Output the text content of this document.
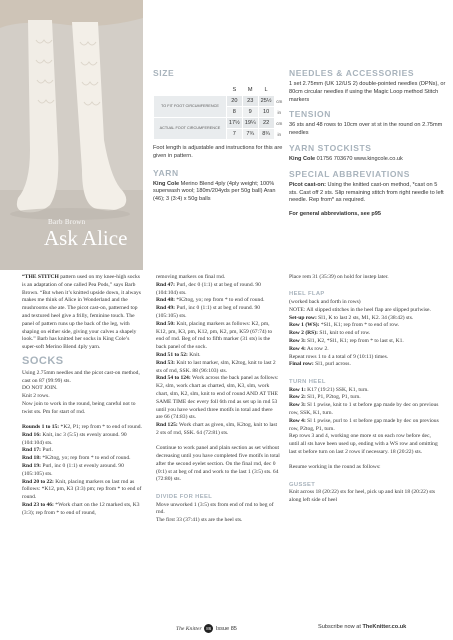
Barb Brown
Ask Alice
SIZE
	S	M	L	
TO FIT FOOT CIRCUMFERENCE	20	23	25½	cm
	8	9	10	in
ACTUAL FOOT CIRCUMFERENCE	17½	19¼	22	cm
	7	7¾	8¾	in

Foot length is adjustable and instructions for this are given in pattern.

YARN

King Cole Merino Blend 4ply (4ply weight; 100% superwash wool; 180m/204yds per 50g ball) Aran (46); 3 (3:4) x 50g balls

NEEDLES & ACCESSORIES

1 set 2.75mm (UK 12/US 2) double-pointed needles (DPNs), or 80cm circular needles if using the Magic Loop method Stitch markers

TENSION

36 sts and 48 rows to 10cm over st st in the round on 2.75mm needles

YARN STOCKISTS

King Cole 01756 703670 www.kingcole.co.uk

SPECIAL ABBREVIATIONS

Picot cast-on: Using the knitted cast-on method, *cast on 5 sts. Cast off 2 sts. Slip remaining stitch from right needle to left needle. Rep from* as required.

For general abbreviations, see p95

“THE STITCH pattern used on my knee-high socks is an adaptation of one called Pea Pods,” says Barb Brown. “But when it’s knitted upside down, it always makes me think of Alice in Wonderland and the mushrooms she ate. The picot cast-on, patterned top and textured heel give a frilly, feminine touch. The panel of pattern runs up the back of the leg, with shaping on either side, giving your calves a shapely look.” Barb has knitted her socks in King Cole’s super-soft Merino Blend 4ply yarn.

SOCKS

Using 2.75mm needles and the picot cast-on method, cast on 87 (99:99) sts.

DO NOT JOIN.

Knit 2 rows.

Now join to work in the round, being careful not to twist sts. Pm for start of rnd.

Rounds 1 to 15: *K2, P1; rep from * to end of round.

Rnd 16: Knit, inc 3 (5:5) sts evenly around. 90 (104:104) sts.

Rnd 17: Purl.

Rnd 18: *K2tog, yo; rep from * to end of round.

Rnd 19: Purl, inc 0 (1:1) st evenly around. 90 (105:105) sts.

Rnd 20 to 22: Knit, placing markers on last rnd as follows: *K12, pm, K3 (3:3) pm; rep from * to end of round.

Rnd 23 to 46: *Work chart on the 12 marked sts, K3 (3:3); rep from * to end of round,

removing markers on final rnd.

Rnd 47: Purl, dec 0 (1:1) st at beg of round. 90 (104:104) sts.

Rnd 48: *K2tog, yo; rep from * to end of round.

Rnd 49: Purl, inc 0 (1:1) st at beg of round. 90 (105:105) sts.

Rnd 50: Knit, placing markers as follows: K2, pm, K12, pm, K3, pm, K12, pm, K2, pm, K59 (67:74) to end of rnd. Beg of rnd to fifth marker (31 sts) is the back panel of the sock.

Rnd 51 to 52: Knit.

Rnd 53: Knit to last marker, slm, K2tog, knit to last 2 sts of rnd, SSK. 88 (96:103) sts.

Rnd 54 to 124: Work across the back panel as follows: K2, slm, work chart as charted, slm, K3, slm, work chart, slm, K2, slm, knit to end of round AND AT THE SAME TIME dec every foll 6th rnd as set up in rnd 53 until you have worked three motifs in total and there are 66 (74:83) sts.

Rnd 125: Work chart as given, slm, K2tog, knit to last 2 sts of rnd, SSK. 64 (72:81) sts.

Continue to work panel and plain section as set without decreasing until you have completed five motifs in total after the second eyelet section. On the final rnd, dec 0 (0:1) st at beg of rnd and work to the last 1 (3:5) sts. 64 (72:80) sts.

DIVIDE FOR HEEL

Move unworked 1 (3:5) sts from end of rnd to beg of rnd.

The first 33 (37:41) sts are the heel sts.

Place rem 31 (35:39) on hold for instep later.

HEEL FLAP

(worked back and forth in rows)

NOTE: All slipped stitches in the heel flap are slipped purlwise.

Set-up row: Sl1, K to last 2 sts, M1, K2. 34 (38:42) sts.

Row 1 (WS): *Sl1, K1; rep from * to end of row.

Row 2 (RS): Sl1, knit to end of row.

Row 3: Sl1, K2, *Sl1, K1; rep from * to last st, K1.

Row 4: As row 2.

Repeat rows 1 to 4 a total of 9 (10:11) times.

Final row: Sl1, purl across.

TURN HEEL

Row 1: K17 (19:21) SSK, K1, turn.

Row 2: Sl1, P1, P2tog, P1, turn.

Row 3: Sl 1 pwise, knit to 1 st before gap made by dec on previous row, SSK, K1, turn.

Row 4: Sl 1 pwise, purl to 1 st before gap made by dec on previous row, P2tog, P1, turn.

Rep rows 3 and 4, working one more st on each row before dec, until all sts have been used up, ending with a WS row and omitting last st before turn on last 2 rows if necessary. 18 (20:22) sts.

Resume working in the round as follows:

GUSSET

Knit across 18 (20:22) sts for heel, pick up and knit 18 (20:22) sts along left side of heel

The Knitter 86 Issue 85	Subscribe now at TheKnitter.co.uk
